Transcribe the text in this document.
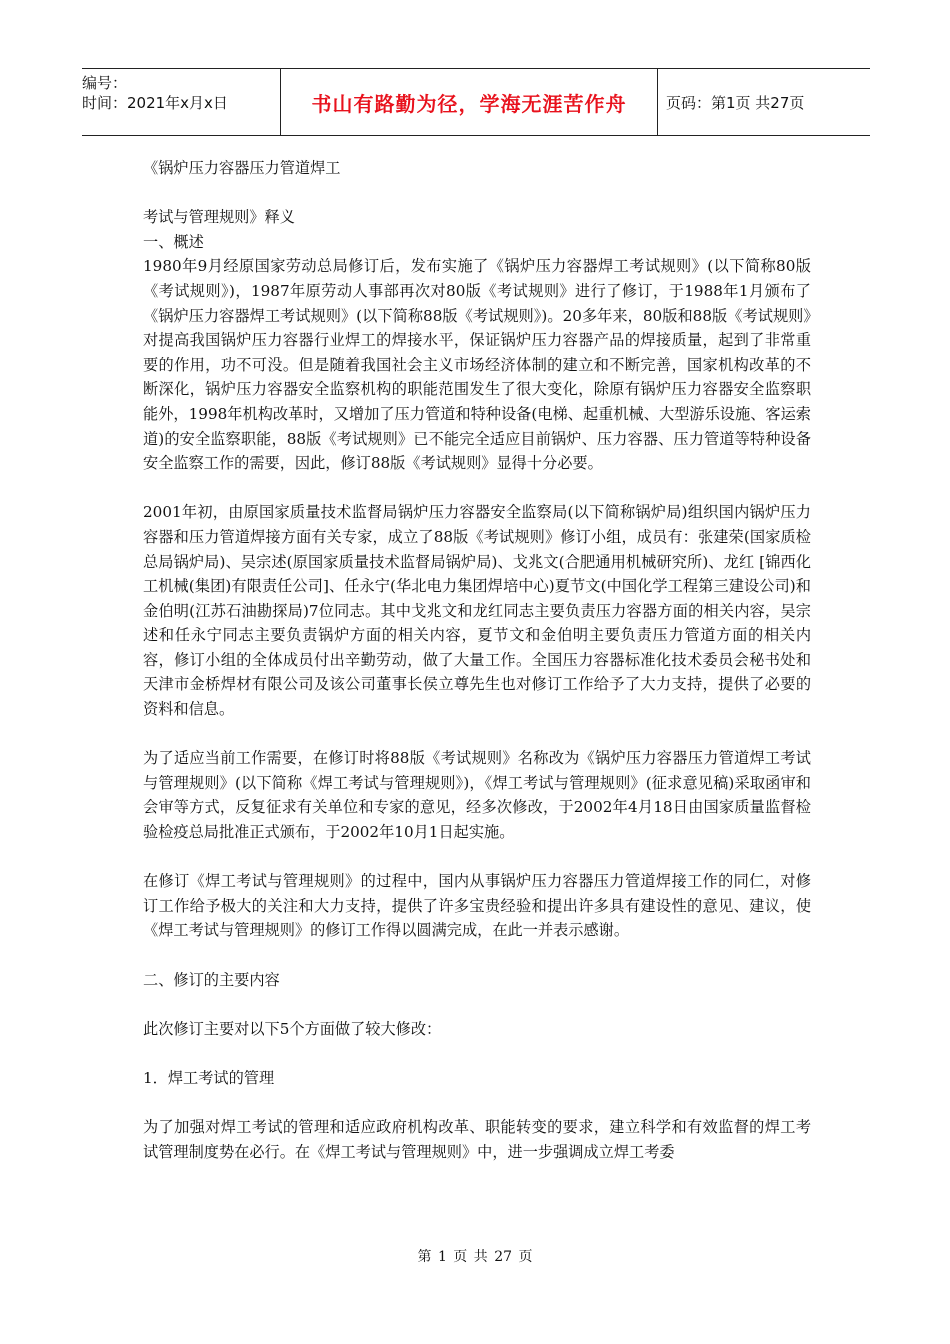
编号：
时间：2021年x月x日	书山有路勤为径，学海无涯苦作舟	页码：第1页 共27页

《锅炉压力容器压力管道焊工

考试与管理规则》释义

一、概述

1980年9月经原国家劳动总局修订后，发布实施了《锅炉压力容器焊工考试规则》(以下简称80版《考试规则》)，1987年原劳动人事部再次对80版《考试规则》进行了修订，于1988年1月颁布了《锅炉压力容器焊工考试规则》(以下简称88版《考试规则》)。20多年来，80版和88版《考试规则》对提高我国锅炉压力容器行业焊工的焊接水平，保证锅炉压力容器产品的焊接质量，起到了非常重要的作用，功不可没。但是随着我国社会主义市场经济体制的建立和不断完善，国家机构改革的不断深化，锅炉压力容器安全监察机构的职能范围发生了很大变化，除原有锅炉压力容器安全监察职能外，1998年机构改革时，又增加了压力管道和特种设备(电梯、起重机械、大型游乐设施、客运索道)的安全监察职能，88版《考试规则》已不能完全适应目前锅炉、压力容器、压力管道等特种设备安全监察工作的需要，因此，修订88版《考试规则》显得十分必要。

2001年初，由原国家质量技术监督局锅炉压力容器安全监察局(以下简称锅炉局)组织国内锅炉压力容器和压力管道焊接方面有关专家，成立了88版《考试规则》修订小组，成员有：张建荣(国家质检总局锅炉局)、吴宗述(原国家质量技术监督局锅炉局)、戈兆文(合肥通用机械研究所)、龙红 [锦西化工机械(集团)有限责任公司]、任永宁(华北电力集团焊培中心)夏节文(中国化学工程第三建设公司)和金伯明(江苏石油勘探局)7位同志。其中戈兆文和龙红同志主要负责压力容器方面的相关内容，吴宗述和任永宁同志主要负责锅炉方面的相关内容，夏节文和金伯明主要负责压力管道方面的相关内容，修订小组的全体成员付出辛勤劳动，做了大量工作。全国压力容器标准化技术委员会秘书处和天津市金桥焊材有限公司及该公司董事长侯立尊先生也对修订工作给予了大力支持，提供了必要的资料和信息。

为了适应当前工作需要，在修订时将88版《考试规则》名称改为《锅炉压力容器压力管道焊工考试与管理规则》(以下简称《焊工考试与管理规则》)，《焊工考试与管理规则》(征求意见稿)采取函审和会审等方式，反复征求有关单位和专家的意见，经多次修改，于2002年4月18日由国家质量监督检验检疫总局批准正式颁布，于2002年10月1日起实施。

在修订《焊工考试与管理规则》的过程中，国内从事锅炉压力容器压力管道焊接工作的同仁，对修订工作给予极大的关注和大力支持，提供了许多宝贵经验和提出许多具有建设性的意见、建议，使《焊工考试与管理规则》的修订工作得以圆满完成，在此一并表示感谢。

二、修订的主要内容

此次修订主要对以下5个方面做了较大修改：

1．焊工考试的管理

为了加强对焊工考试的管理和适应政府机构改革、职能转变的要求，建立科学和有效监督的焊工考试管理制度势在必行。在《焊工考试与管理规则》中，进一步强调成立焊工考委

第 1 页 共 27 页
